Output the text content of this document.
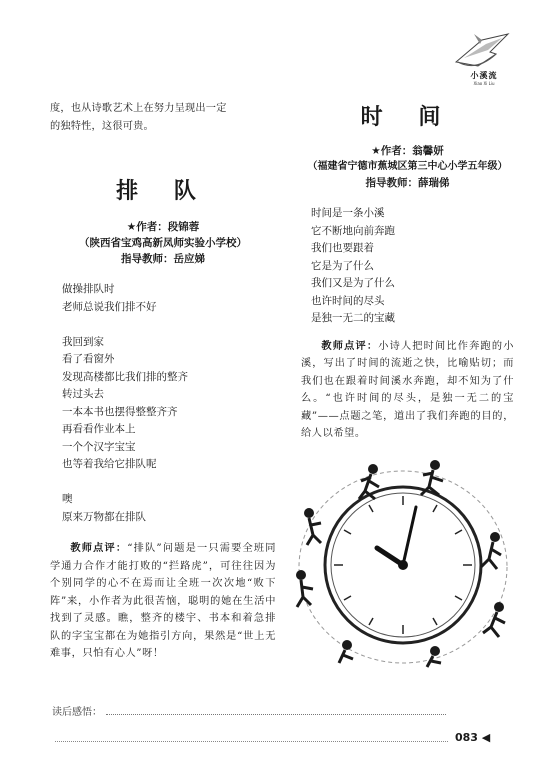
小溪流
Xiao Xi Liu

度，也从诗歌艺术上在努力呈现出一定

的独特性，这很可贵。

排 队

★作者：段锦蓉

（陕西省宝鸡高新凤师实验小学校）

指导教师：岳应娣

做操排队时

老师总说我们排不好

我回到家

看了看窗外

发现高楼都比我们排的整齐

转过头去

一本本书也摆得整整齐齐

再看看作业本上

一个个汉字宝宝

也等着我给它排队呢

噢

原来万物都在排队

教师点评：“排队”问题是一只需要全班同学通力合作才能打败的“拦路虎”，可往往因为个别同学的心不在焉而让全班一次次地“败下阵”来，小作者为此很苦恼，聪明的她在生活中找到了灵感。瞧，整齐的楼宇、书本和着急排队的字宝宝都在为她指引方向，果然是“世上无难事，只怕有心人”呀！

时 间

★作者：翁馨妍

（福建省宁德市蕉城区第三中心小学五年级）

指导教师：薛瑞俤

时间是一条小溪

它不断地向前奔跑

我们也要跟着

它是为了什么

我们又是为了什么

也许时间的尽头

是独一无二的宝藏

教师点评：小诗人把时间比作奔跑的小溪，写出了时间的流逝之快，比喻贴切；而我们也在跟着时间溪水奔跑，却不知为了什么。“也许时间的尽头，是独一无二的宝藏”——点题之笔，道出了我们奔跑的目的，给人以希望。

读后感悟：
083 ◀
